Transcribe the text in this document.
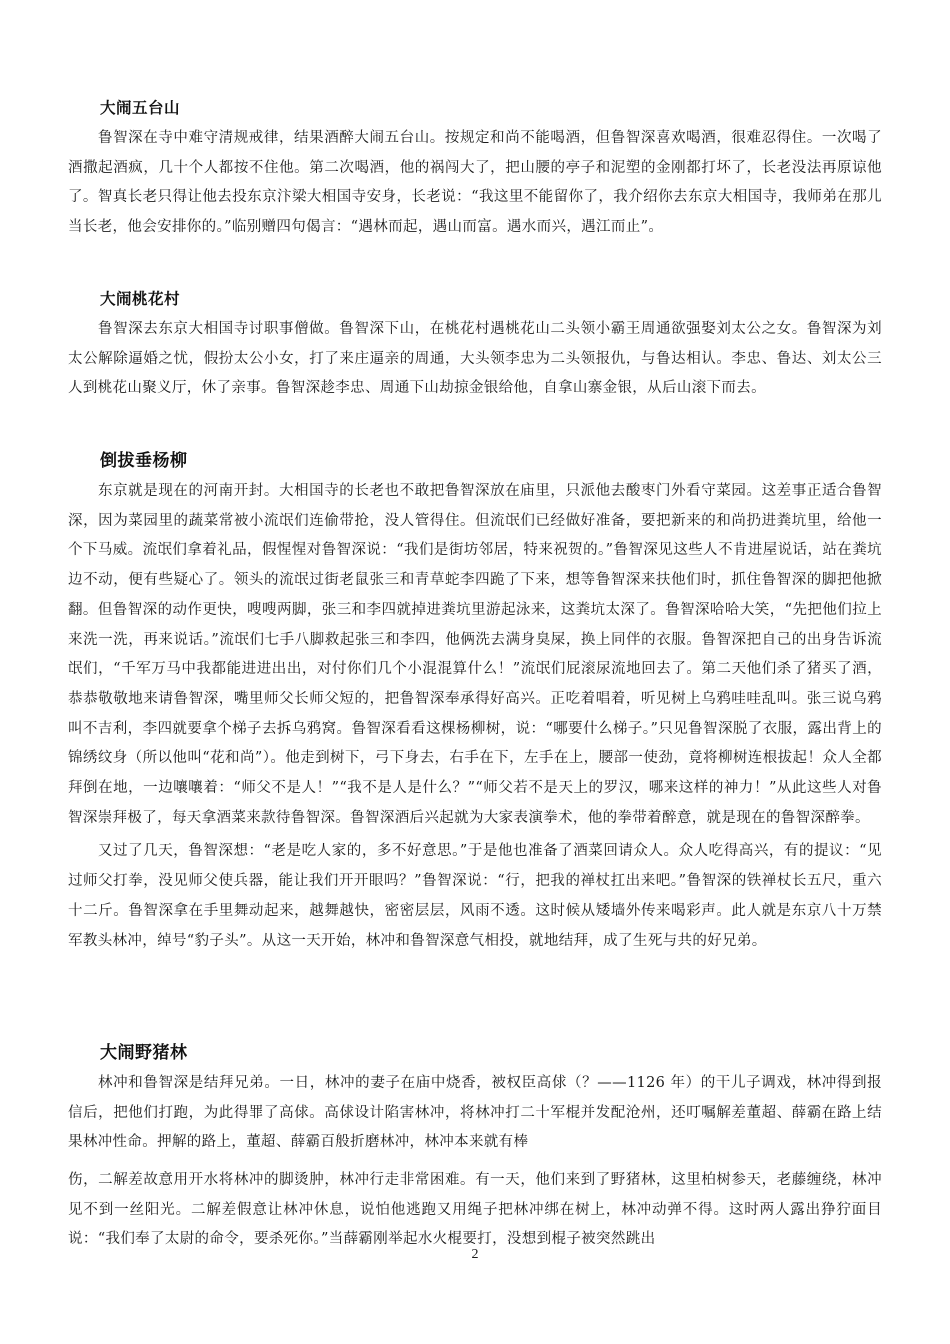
大闹五台山

鲁智深在寺中难守清规戒律，结果酒醉大闹五台山。按规定和尚不能喝酒，但鲁智深喜欢喝酒，很难忍得住。一次喝了酒撒起酒疯，几十个人都按不住他。第二次喝酒，他的祸闯大了，把山腰的亭子和泥塑的金刚都打坏了，长老没法再原谅他了。智真长老只得让他去投东京汴梁大相国寺安身，长老说：“我这里不能留你了，我介绍你去东京大相国寺，我师弟在那儿当长老，他会安排你的。”临别赠四句偈言：“遇林而起，遇山而富。遇水而兴，遇江而止”。

大闹桃花村

鲁智深去东京大相国寺讨职事僧做。鲁智深下山，在桃花村遇桃花山二头领小霸王周通欲强娶刘太公之女。鲁智深为刘太公解除逼婚之忧，假扮太公小女，打了来庄逼亲的周通，大头领李忠为二头领报仇，与鲁达相认。李忠、鲁达、刘太公三人到桃花山聚义厅，休了亲事。鲁智深趁李忠、周通下山劫掠金银给他，自拿山寨金银，从后山滚下而去。

倒拔垂杨柳

东京就是现在的河南开封。大相国寺的长老也不敢把鲁智深放在庙里，只派他去酸枣门外看守菜园。这差事正适合鲁智深，因为菜园里的蔬菜常被小流氓们连偷带抢，没人管得住。但流氓们已经做好准备，要把新来的和尚扔进粪坑里，给他一个下马威。流氓们拿着礼品，假惺惺对鲁智深说：“我们是街坊邻居，特来祝贺的。”鲁智深见这些人不肯进屋说话，站在粪坑边不动，便有些疑心了。领头的流氓过街老鼠张三和青草蛇李四跪了下来，想等鲁智深来扶他们时，抓住鲁智深的脚把他掀翻。但鲁智深的动作更快，嗖嗖两脚，张三和李四就掉进粪坑里游起泳来，这粪坑太深了。鲁智深哈哈大笑，“先把他们拉上来洗一洗，再来说话。”流氓们七手八脚救起张三和李四，他俩洗去满身臭屎，换上同伴的衣服。鲁智深把自己的出身告诉流氓们，“千军万马中我都能进进出出，对付你们几个小混混算什么！”流氓们屁滚尿流地回去了。第二天他们杀了猪买了酒，恭恭敬敬地来请鲁智深，嘴里师父长师父短的，把鲁智深奉承得好高兴。正吃着唱着，听见树上乌鸦哇哇乱叫。张三说乌鸦叫不吉利，李四就要拿个梯子去拆乌鸦窝。鲁智深看看这棵杨柳树，说：“哪要什么梯子。”只见鲁智深脱了衣服，露出背上的锦绣纹身（所以他叫“花和尚”）。他走到树下，弓下身去，右手在下，左手在上，腰部一使劲，竟将柳树连根拔起！众人全都拜倒在地，一边嚷嚷着：“师父不是人！”“我不是人是什么？”“师父若不是天上的罗汉，哪来这样的神力！”从此这些人对鲁智深崇拜极了，每天拿酒菜来款待鲁智深。鲁智深酒后兴起就为大家表演拳术，他的拳带着醉意，就是现在的鲁智深醉拳。

又过了几天，鲁智深想：“老是吃人家的，多不好意思。”于是他也准备了酒菜回请众人。众人吃得高兴，有的提议：“见过师父打拳，没见师父使兵器，能让我们开开眼吗？”鲁智深说：“行，把我的禅杖扛出来吧。”鲁智深的铁禅杖长五尺，重六十二斤。鲁智深拿在手里舞动起来，越舞越快，密密层层，风雨不透。这时候从矮墙外传来喝彩声。此人就是东京八十万禁军教头林冲，绰号“豹子头”。从这一天开始，林冲和鲁智深意气相投，就地结拜，成了生死与共的好兄弟。

大闹野猪林

林冲和鲁智深是结拜兄弟。一日，林冲的妻子在庙中烧香，被权臣高俅（？——1126 年）的干儿子调戏，林冲得到报信后，把他们打跑，为此得罪了高俅。高俅设计陷害林冲，将林冲打二十军棍并发配沧州，还叮嘱解差董超、薛霸在路上结果林冲性命。押解的路上，董超、薛霸百般折磨林冲，林冲本来就有棒

伤，二解差故意用开水将林冲的脚烫肿，林冲行走非常困难。有一天，他们来到了野猪林，这里柏树参天，老藤缠绕，林冲见不到一丝阳光。二解差假意让林冲休息，说怕他逃跑又用绳子把林冲绑在树上，林冲动弹不得。这时两人露出狰狞面目说：“我们奉了太尉的命令，要杀死你。”当薛霸刚举起水火棍要打，没想到棍子被突然跳出

2
